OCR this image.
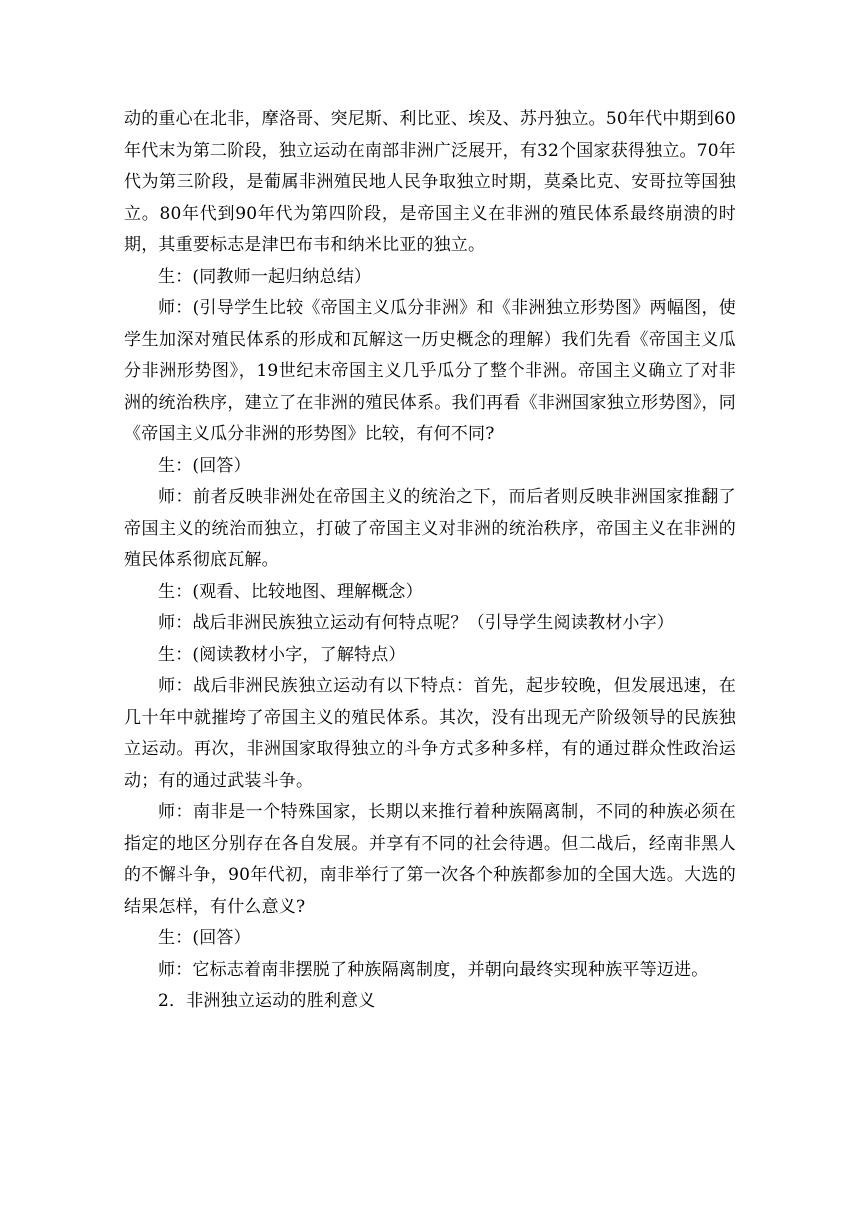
动的重心在北非，摩洛哥、突尼斯、利比亚、埃及、苏丹独立。50年代中期到60年代末为第二阶段，独立运动在南部非洲广泛展开，有32个国家获得独立。70年代为第三阶段，是葡属非洲殖民地人民争取独立时期，莫桑比克、安哥拉等国独立。80年代到90年代为第四阶段，是帝国主义在非洲的殖民体系最终崩溃的时期，其重要标志是津巴布韦和纳米比亚的独立。

生：(同教师一起归纳总结）

师：(引导学生比较《帝国主义瓜分非洲》和《非洲独立形势图》两幅图，使学生加深对殖民体系的形成和瓦解这一历史概念的理解）我们先看《帝国主义瓜分非洲形势图》，19世纪末帝国主义几乎瓜分了整个非洲。帝国主义确立了对非洲的统治秩序，建立了在非洲的殖民体系。我们再看《非洲国家独立形势图》，同《帝国主义瓜分非洲的形势图》比较，有何不同?

生：(回答）

师：前者反映非洲处在帝国主义的统治之下，而后者则反映非洲国家推翻了帝国主义的统治而独立，打破了帝国主义对非洲的统治秩序，帝国主义在非洲的殖民体系彻底瓦解。

生：(观看、比较地图、理解概念）

师：战后非洲民族独立运动有何特点呢？（引导学生阅读教材小字）

生：(阅读教材小字，了解特点）

师：战后非洲民族独立运动有以下特点：首先，起步较晚，但发展迅速，在几十年中就摧垮了帝国主义的殖民体系。其次，没有出现无产阶级领导的民族独立运动。再次，非洲国家取得独立的斗争方式多种多样，有的通过群众性政治运动；有的通过武装斗争。

师：南非是一个特殊国家，长期以来推行着种族隔离制，不同的种族必须在指定的地区分别存在各自发展。并享有不同的社会待遇。但二战后，经南非黑人的不懈斗争，90年代初，南非举行了第一次各个种族都参加的全国大选。大选的结果怎样，有什么意义?

生：(回答）

师：它标志着南非摆脱了种族隔离制度，并朝向最终实现种族平等迈进。

2．非洲独立运动的胜利意义
